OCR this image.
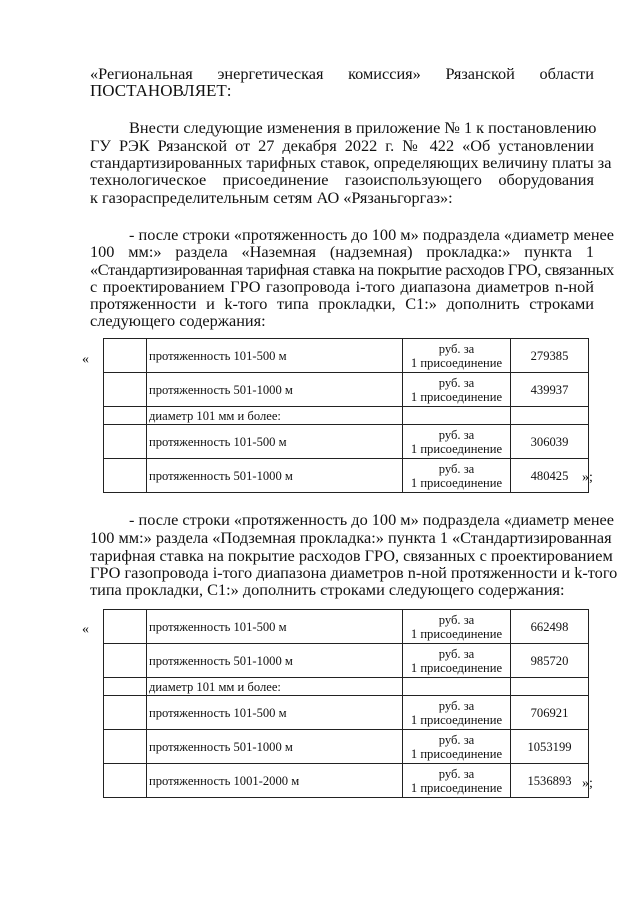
«Региональная энергетическая комиссия» Рязанской области
ПОСТАНОВЛЯЕТ:
Внести следующие изменения в приложение № 1 к постановлению
ГУ РЭК Рязанской от 27 декабря 2022 г. № 422 «Об установлении
стандартизированных тарифных ставок, определяющих величину платы за
технологическое присоединение газоиспользующего оборудования
к газораспределительным сетям АО «Рязаньгоргаз»:
- после строки «протяженность до 100 м» подраздела «диаметр менее
100 мм:» раздела «Наземная (надземная) прокладка:» пункта 1
«Стандартизированная тарифная ставка на покрытие расходов ГРО, связанных
с проектированием ГРО газопровода i-того диапазона диаметров n-ной
протяженности и k-того типа прокладки, С1:» дополнить строками
следующего содержания:
«
		протяженность 101-500 м	руб. за
1 присоединение	279385
	протяженность 501-1000 м	руб. за
1 присоединение	439937
	диаметр 101 мм и более:		
	протяженность 101-500 м	руб. за
1 присоединение	306039
	протяженность 501-1000 м	руб. за
1 присоединение	480425 »;
- после строки «протяженность до 100 м» подраздела «диаметр менее
100 мм:» раздела «Подземная прокладка:» пункта 1 «Стандартизированная
тарифная ставка на покрытие расходов ГРО, связанных с проектированием
ГРО газопровода i-того диапазона диаметров n-ной протяженности и k-того
типа прокладки, С1:» дополнить строками следующего содержания:
«
		протяженность 101-500 м	руб. за
1 присоединение	662498
	протяженность 501-1000 м	руб. за
1 присоединение	985720
	диаметр 101 мм и более:		
	протяженность 101-500 м	руб. за
1 присоединение	706921
	протяженность 501-1000 м	руб. за
1 присоединение	1053199
	протяженность 1001-2000 м	руб. за
1 присоединение	1536893 »;
